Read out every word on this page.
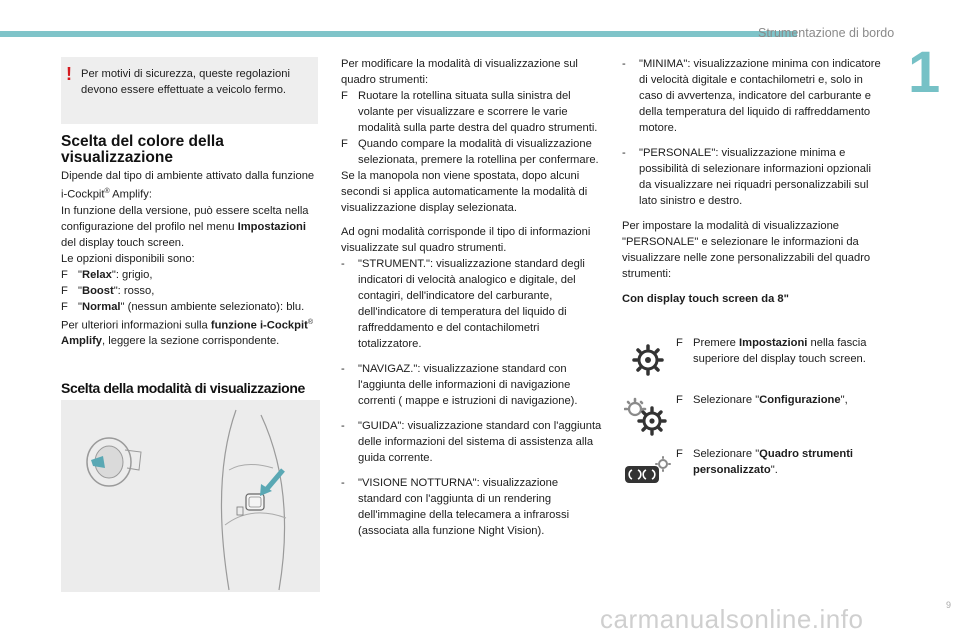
Strumentazione di bordo
1
! Per motivi di sicurezza, queste regolazioni devono essere effettuate a veicolo fermo.
Scelta del colore della visualizzazione

Dipende dal tipo di ambiente attivato dalla funzione i-Cockpit® Amplify:

In funzione della versione, può essere scelta nella configurazione del profilo nel menu Impostazioni del display touch screen.

Le opzioni disponibili sono:

F "Relax": grigio,
F "Boost": rosso,
F "Normal" (nessun ambiente selezionato): blu.

Per ulteriori informazioni sulla funzione i-Cockpit® Amplify, leggere la sezione corrispondente.

Scelta della modalità di visualizzazione

Per modificare la modalità di visualizzazione sul quadro strumenti:

F Ruotare la rotellina situata sulla sinistra del volante per visualizzare e scorrere le varie modalità sulla parte destra del quadro strumenti.
F Quando compare la modalità di visualizzazione selezionata, premere la rotellina per confermare.

Se la manopola non viene spostata, dopo alcuni secondi si applica automaticamente la modalità di visualizzazione display selezionata.

Ad ogni modalità corrisponde il tipo di informazioni visualizzate sul quadro strumenti.

- "STRUMENT.": visualizzazione standard degli indicatori di velocità analogico e digitale, del contagiri, dell'indicatore del carburante, dell'indicatore di temperatura del liquido di raffreddamento e del contachilometri totalizzatore.
- "NAVIGAZ.": visualizzazione standard con l'aggiunta delle informazioni di navigazione correnti ( mappe e istruzioni di navigazione).
- "GUIDA": visualizzazione standard con l'aggiunta delle informazioni del sistema di assistenza alla guida corrente.
- "VISIONE NOTTURNA": visualizzazione standard con l'aggiunta di un rendering dell'immagine della telecamera a infrarossi (associata alla funzione Night Vision).
- "MINIMA": visualizzazione minima con indicatore di velocità digitale e contachilometri e, solo in caso di avvertenza, indicatore del carburante e della temperatura del liquido di raffreddamento motore.
- "PERSONALE": visualizzazione minima e possibilità di selezionare informazioni opzionali da visualizzare nei riquadri personalizzabili sul lato sinistro e destro.

Per impostare la modalità di visualizzazione "PERSONALE" e selezionare le informazioni da visualizzare nelle zone personalizzabili del quadro strumenti:

Con display touch screen da 8"

F Premere Impostazioni nella fascia superiore del display touch screen.
F Selezionare "Configurazione",
F Selezionare "Quadro strumenti personalizzato".
carmanualsonline.info	9
